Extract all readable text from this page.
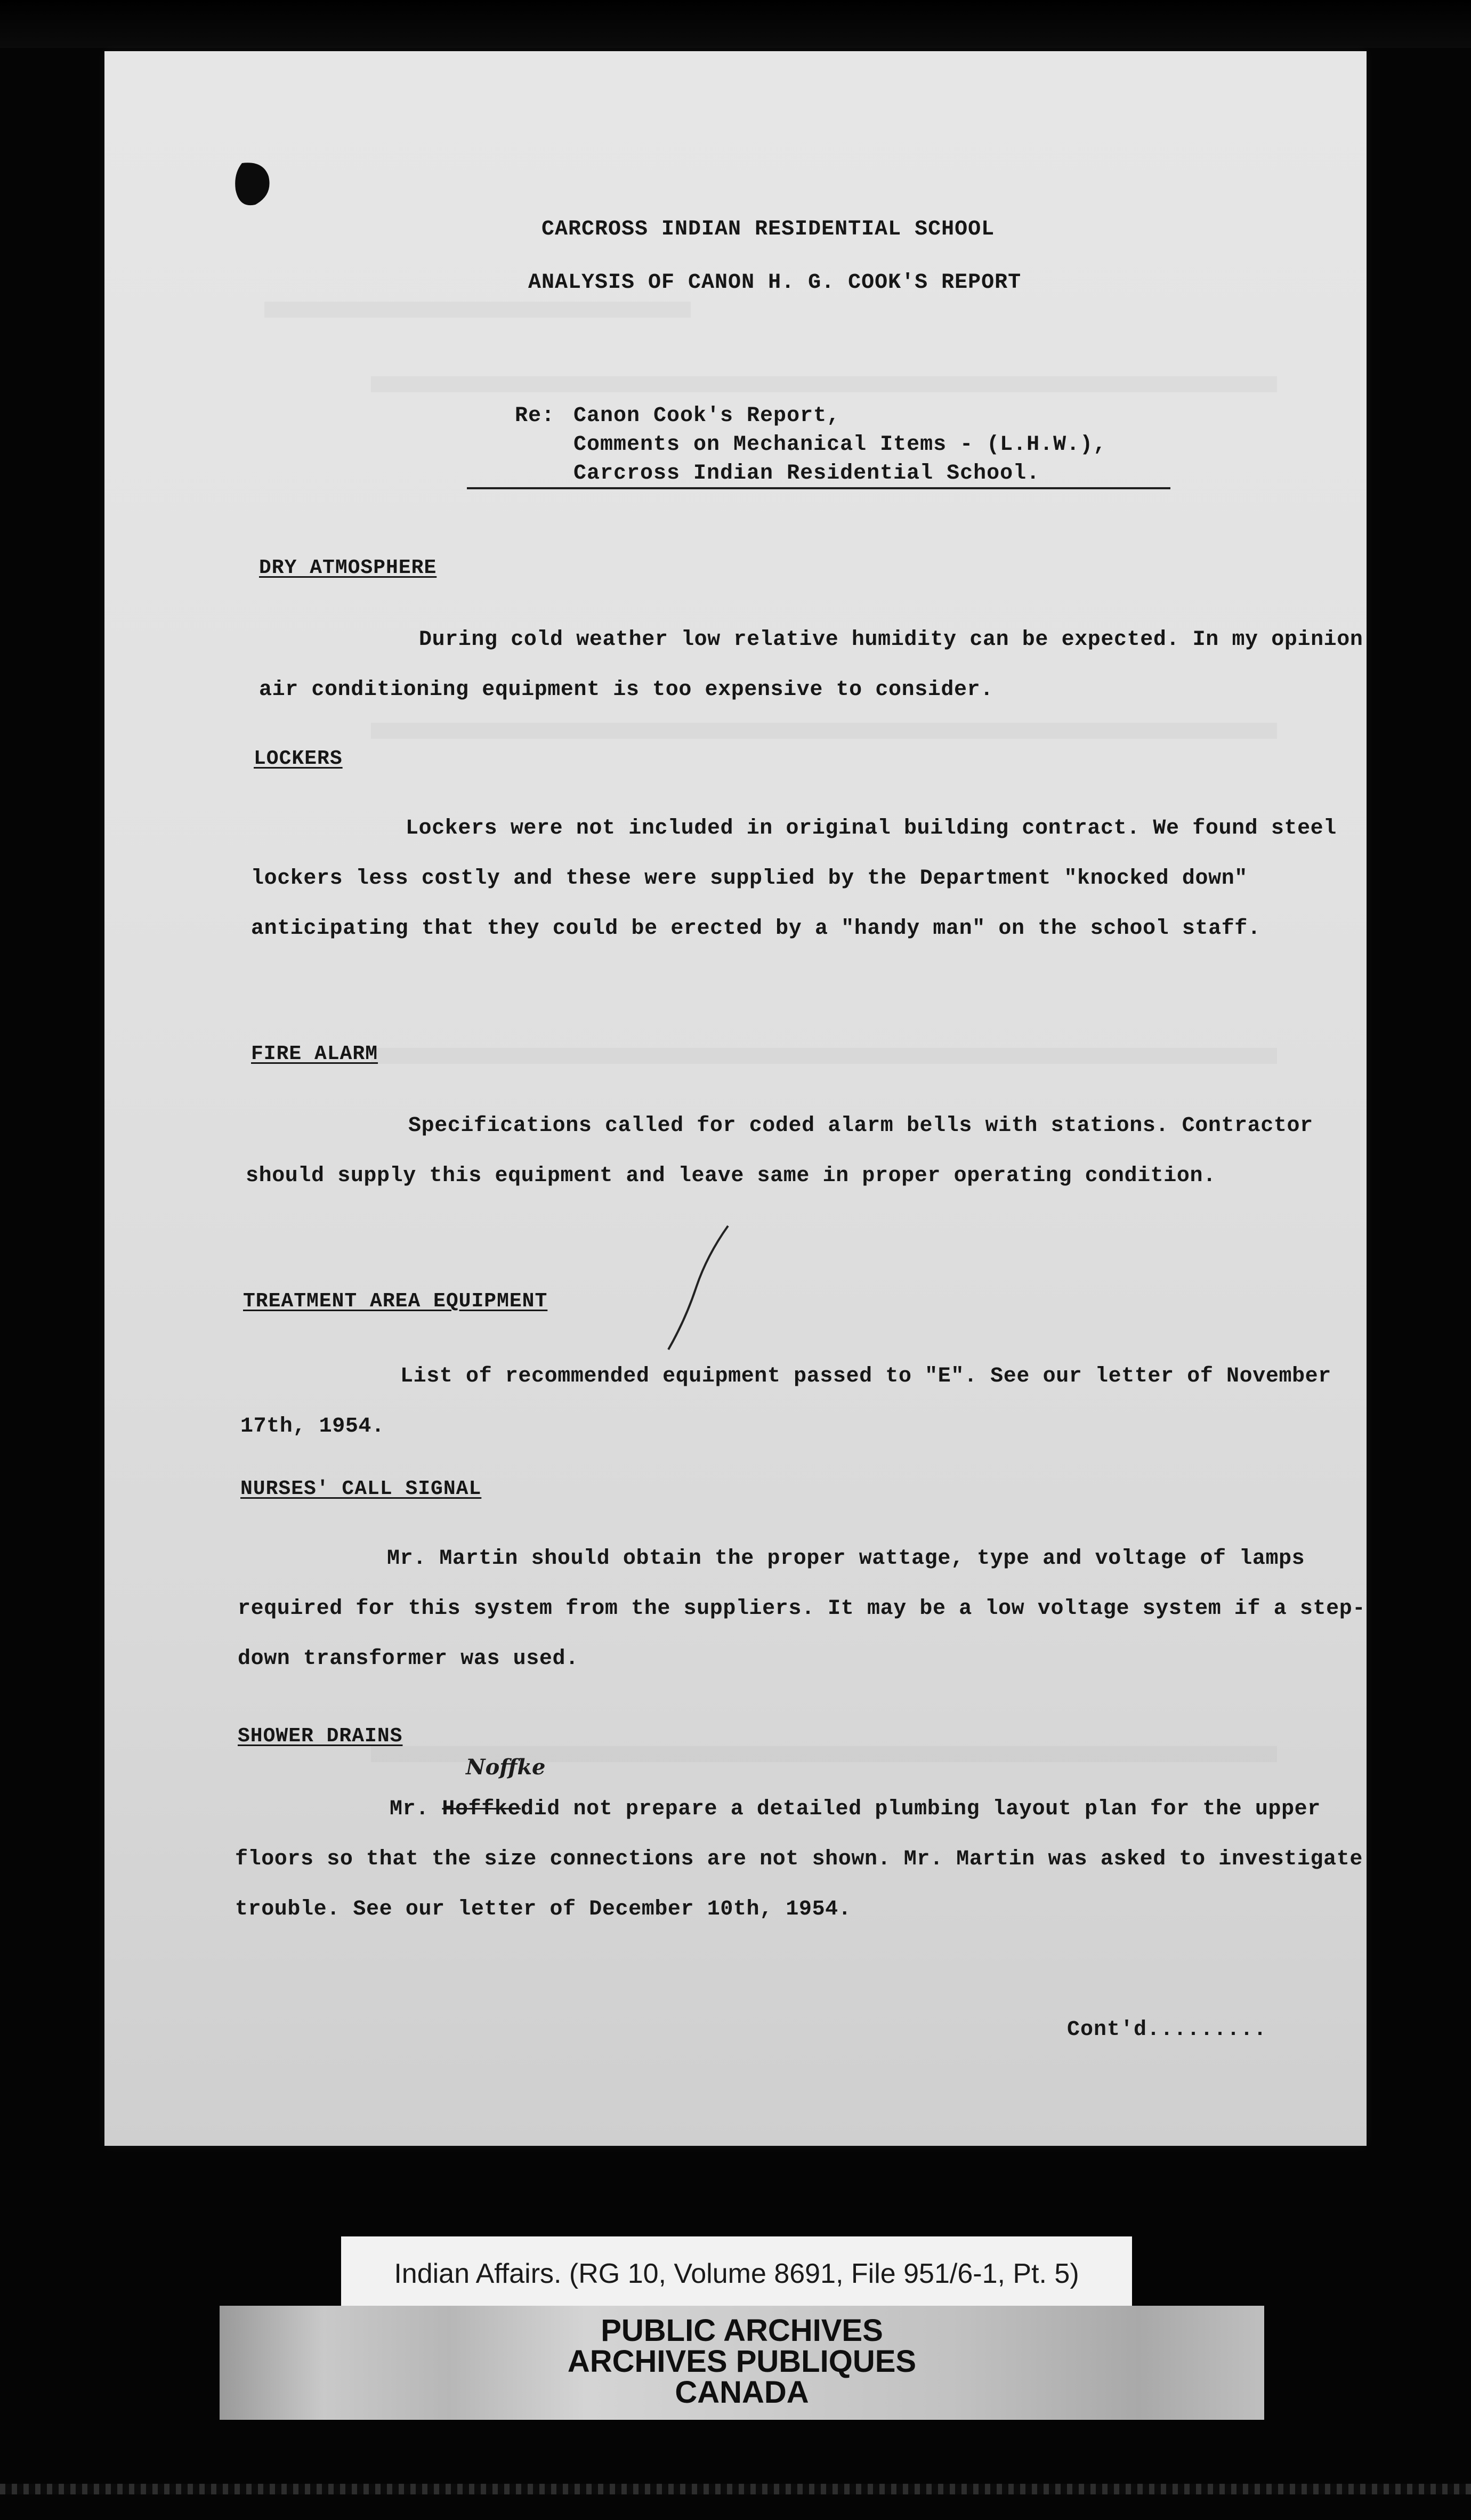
CARCROSS INDIAN RESIDENTIAL SCHOOL
ANALYSIS OF CANON H. G. COOK'S REPORT
Re: Canon Cook's Report,
Comments on Mechanical Items - (L.H.W.),
Carcross Indian Residential School.
DRY ATMOSPHERE
During cold weather low relative humidity can be expected. In my opinion air conditioning equipment is too expensive to consider.
LOCKERS
Lockers were not included in original building contract. We found steel lockers less costly and these were supplied by the Department "knocked down" anticipating that they could be erected by a "handy man" on the school staff.
FIRE ALARM
Specifications called for coded alarm bells with stations. Contractor should supply this equipment and leave same in proper operating condition.
TREATMENT AREA EQUIPMENT
List of recommended equipment passed to "E". See our letter of November 17th, 1954.
NURSES' CALL SIGNAL
Mr. Martin should obtain the proper wattage, type and voltage of lamps required for this system from the suppliers. It may be a low voltage system if a step-down transformer was used.
SHOWER DRAINS
Noffke
Mr. Hoffkedid not prepare a detailed plumbing layout plan for the upper floors so that the size connections are not shown. Mr. Martin was asked to investigate trouble. See our letter of December 10th, 1954.
Cont'd.........
Indian Affairs. (RG 10, Volume 8691, File 951/6-1, Pt. 5)
PUBLIC ARCHIVES
ARCHIVES PUBLIQUES
CANADA
